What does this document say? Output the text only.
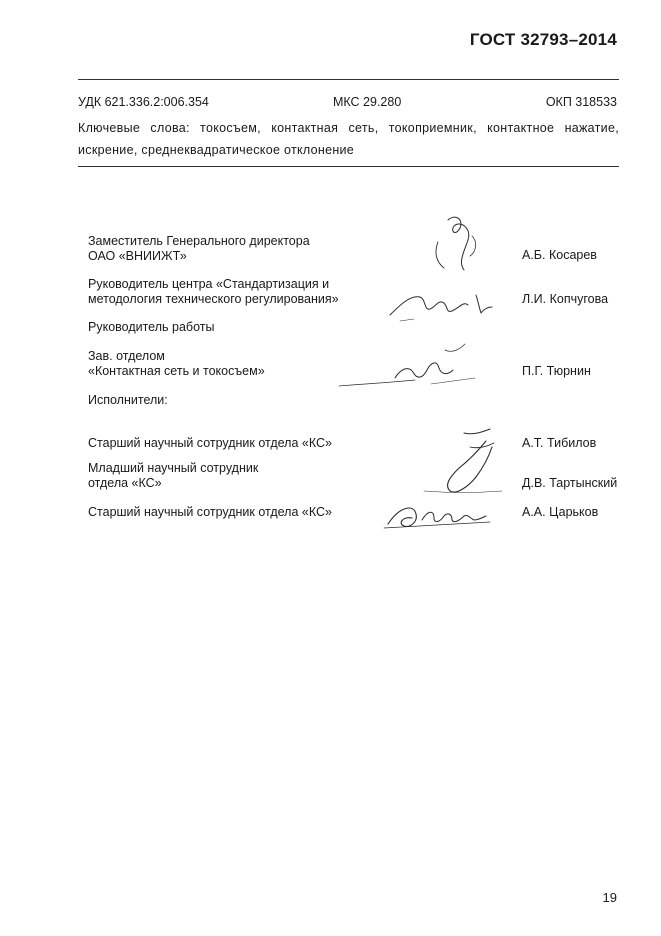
ГОСТ 32793–2014
УДК 621.336.2:006.354	МКС 29.280	ОКП 318533
Ключевые слова: токосъем, контактная сеть, токоприемник, контактное нажатие,
искрение, среднеквадратическое отклонение
Заместитель Генерального директора
ОАО «ВНИИЖТ»	А.Б. Косарев
Руководитель центра «Стандартизация и
методология технического регулирования»	Л.И. Копчугова
Руководитель работы
Зав. отделом
«Контактная сеть и токосъем»	П.Г. Тюрнин
Исполнители:
Старший научный сотрудник отдела «КС»	А.Т. Тибилов
Младший научный сотрудник
отдела «КС»	Д.В. Тартынский
Старший научный сотрудник отдела «КС»	А.А. Царьков
19
